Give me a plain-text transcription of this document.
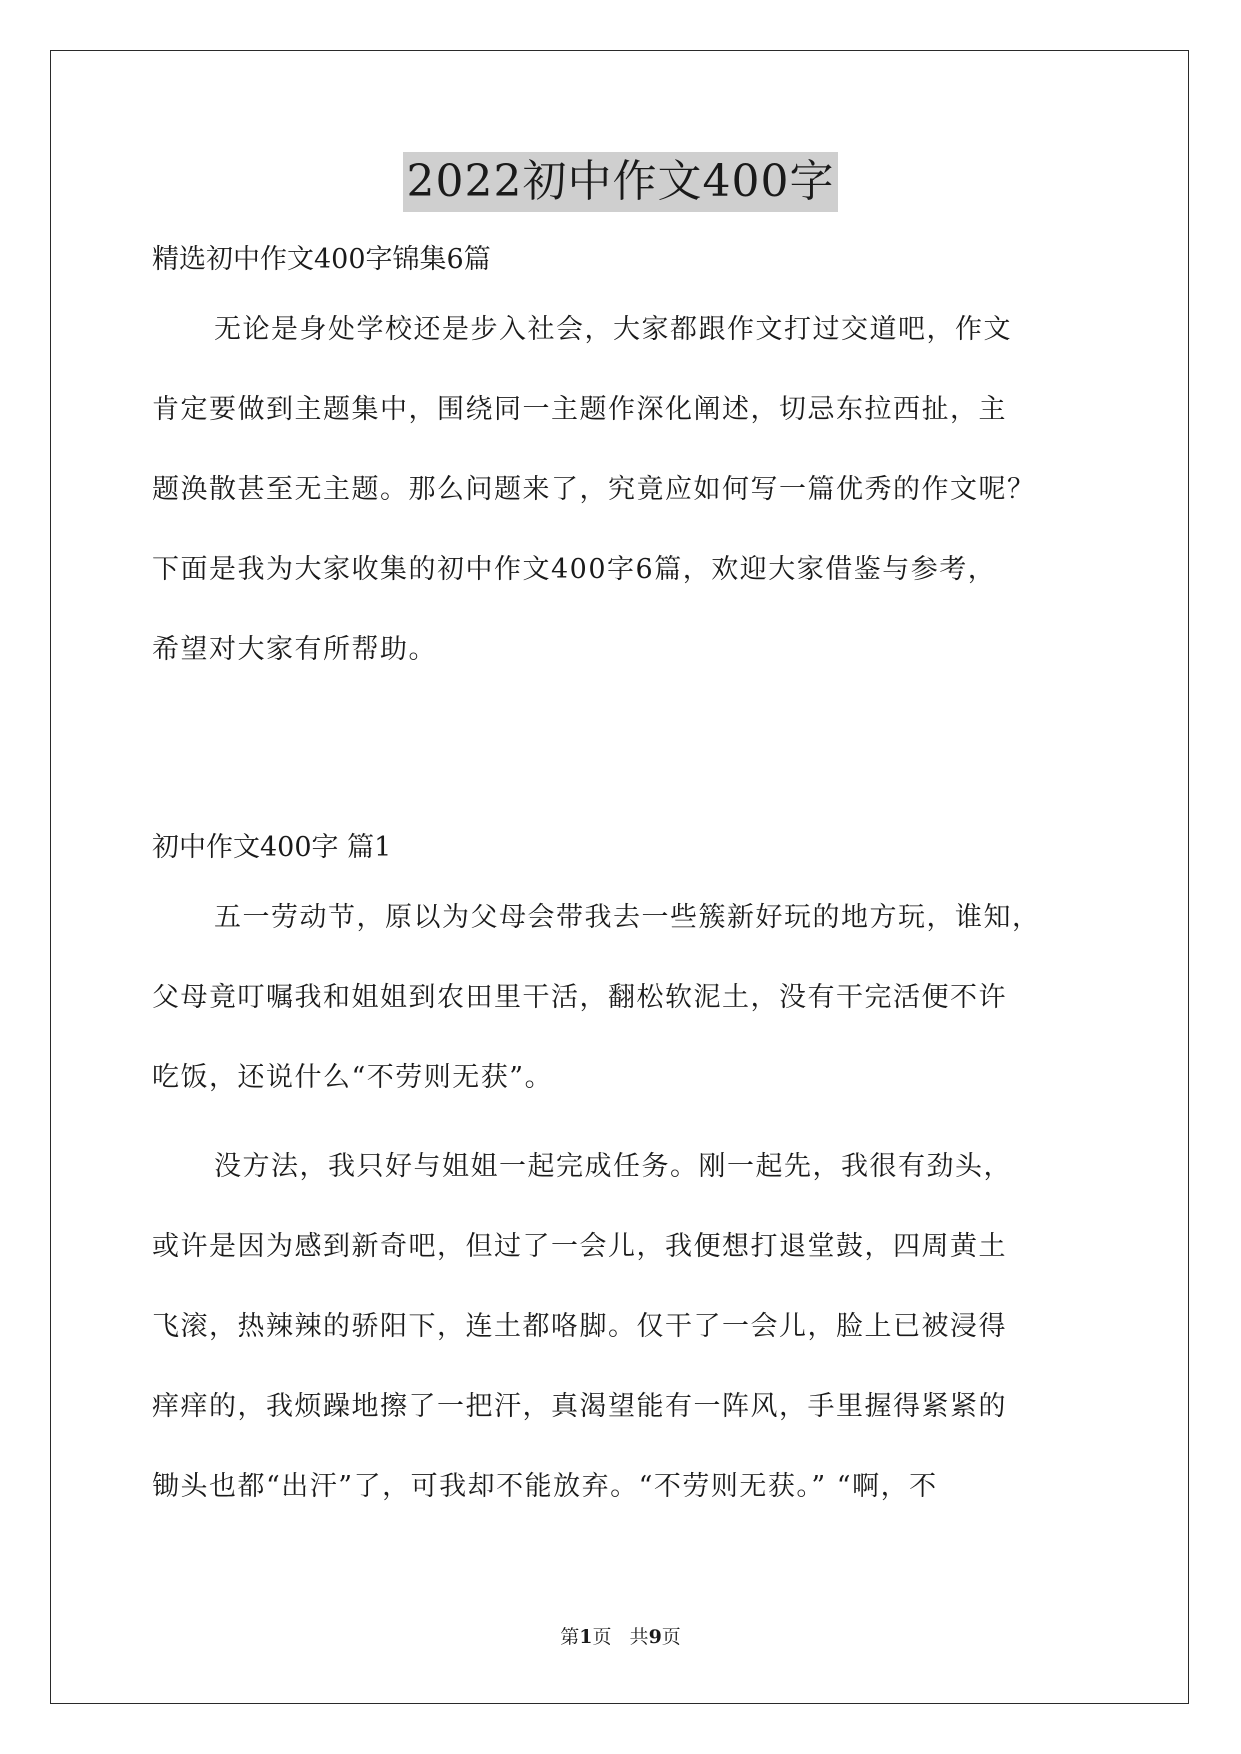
2022初中作文400字

精选初中作文400字锦集6篇

无论是身处学校还是步入社会，大家都跟作文打过交道吧，作文
肯定要做到主题集中，围绕同一主题作深化阐述，切忌东拉西扯，主
题涣散甚至无主题。那么问题来了，究竟应如何写一篇优秀的作文呢？
下面是我为大家收集的初中作文400字6篇，欢迎大家借鉴与参考，
希望对大家有所帮助。

初中作文400字 篇1

五一劳动节，原以为父母会带我去一些簇新好玩的地方玩，谁知，
父母竟叮嘱我和姐姐到农田里干活，翻松软泥土，没有干完活便不许
吃饭，还说什么“不劳则无获”。
没方法，我只好与姐姐一起完成任务。刚一起先，我很有劲头，
或许是因为感到新奇吧，但过了一会儿，我便想打退堂鼓，四周黄土
飞滚，热辣辣的骄阳下，连土都咯脚。仅干了一会儿，脸上已被浸得
痒痒的，我烦躁地擦了一把汗，真渴望能有一阵风，手里握得紧紧的
锄头也都“出汗”了，可我却不能放弃。“不劳则无获。” “啊，不
第1页   共9页
